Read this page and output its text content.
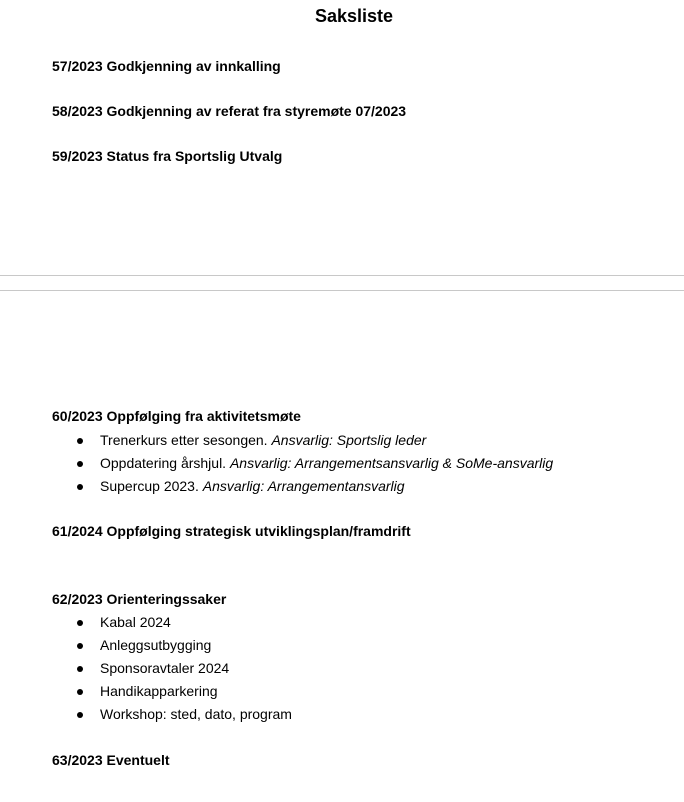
Saksliste

57/2023 Godkjenning av innkalling

58/2023 Godkjenning av referat fra styremøte 07/2023

59/2023 Status fra Sportslig Utvalg

60/2023 Oppfølging fra aktivitetsmøte

Trenerkurs etter sesongen. Ansvarlig: Sportslig leder
Oppdatering årshjul. Ansvarlig: Arrangementsansvarlig & SoMe-ansvarlig
Supercup 2023. Ansvarlig: Arrangementansvarlig

61/2024 Oppfølging strategisk utviklingsplan/framdrift

62/2023 Orienteringssaker

Kabal 2024
Anleggsutbygging
Sponsoravtaler 2024
Handikapparkering
Workshop: sted, dato, program

63/2023 Eventuelt
